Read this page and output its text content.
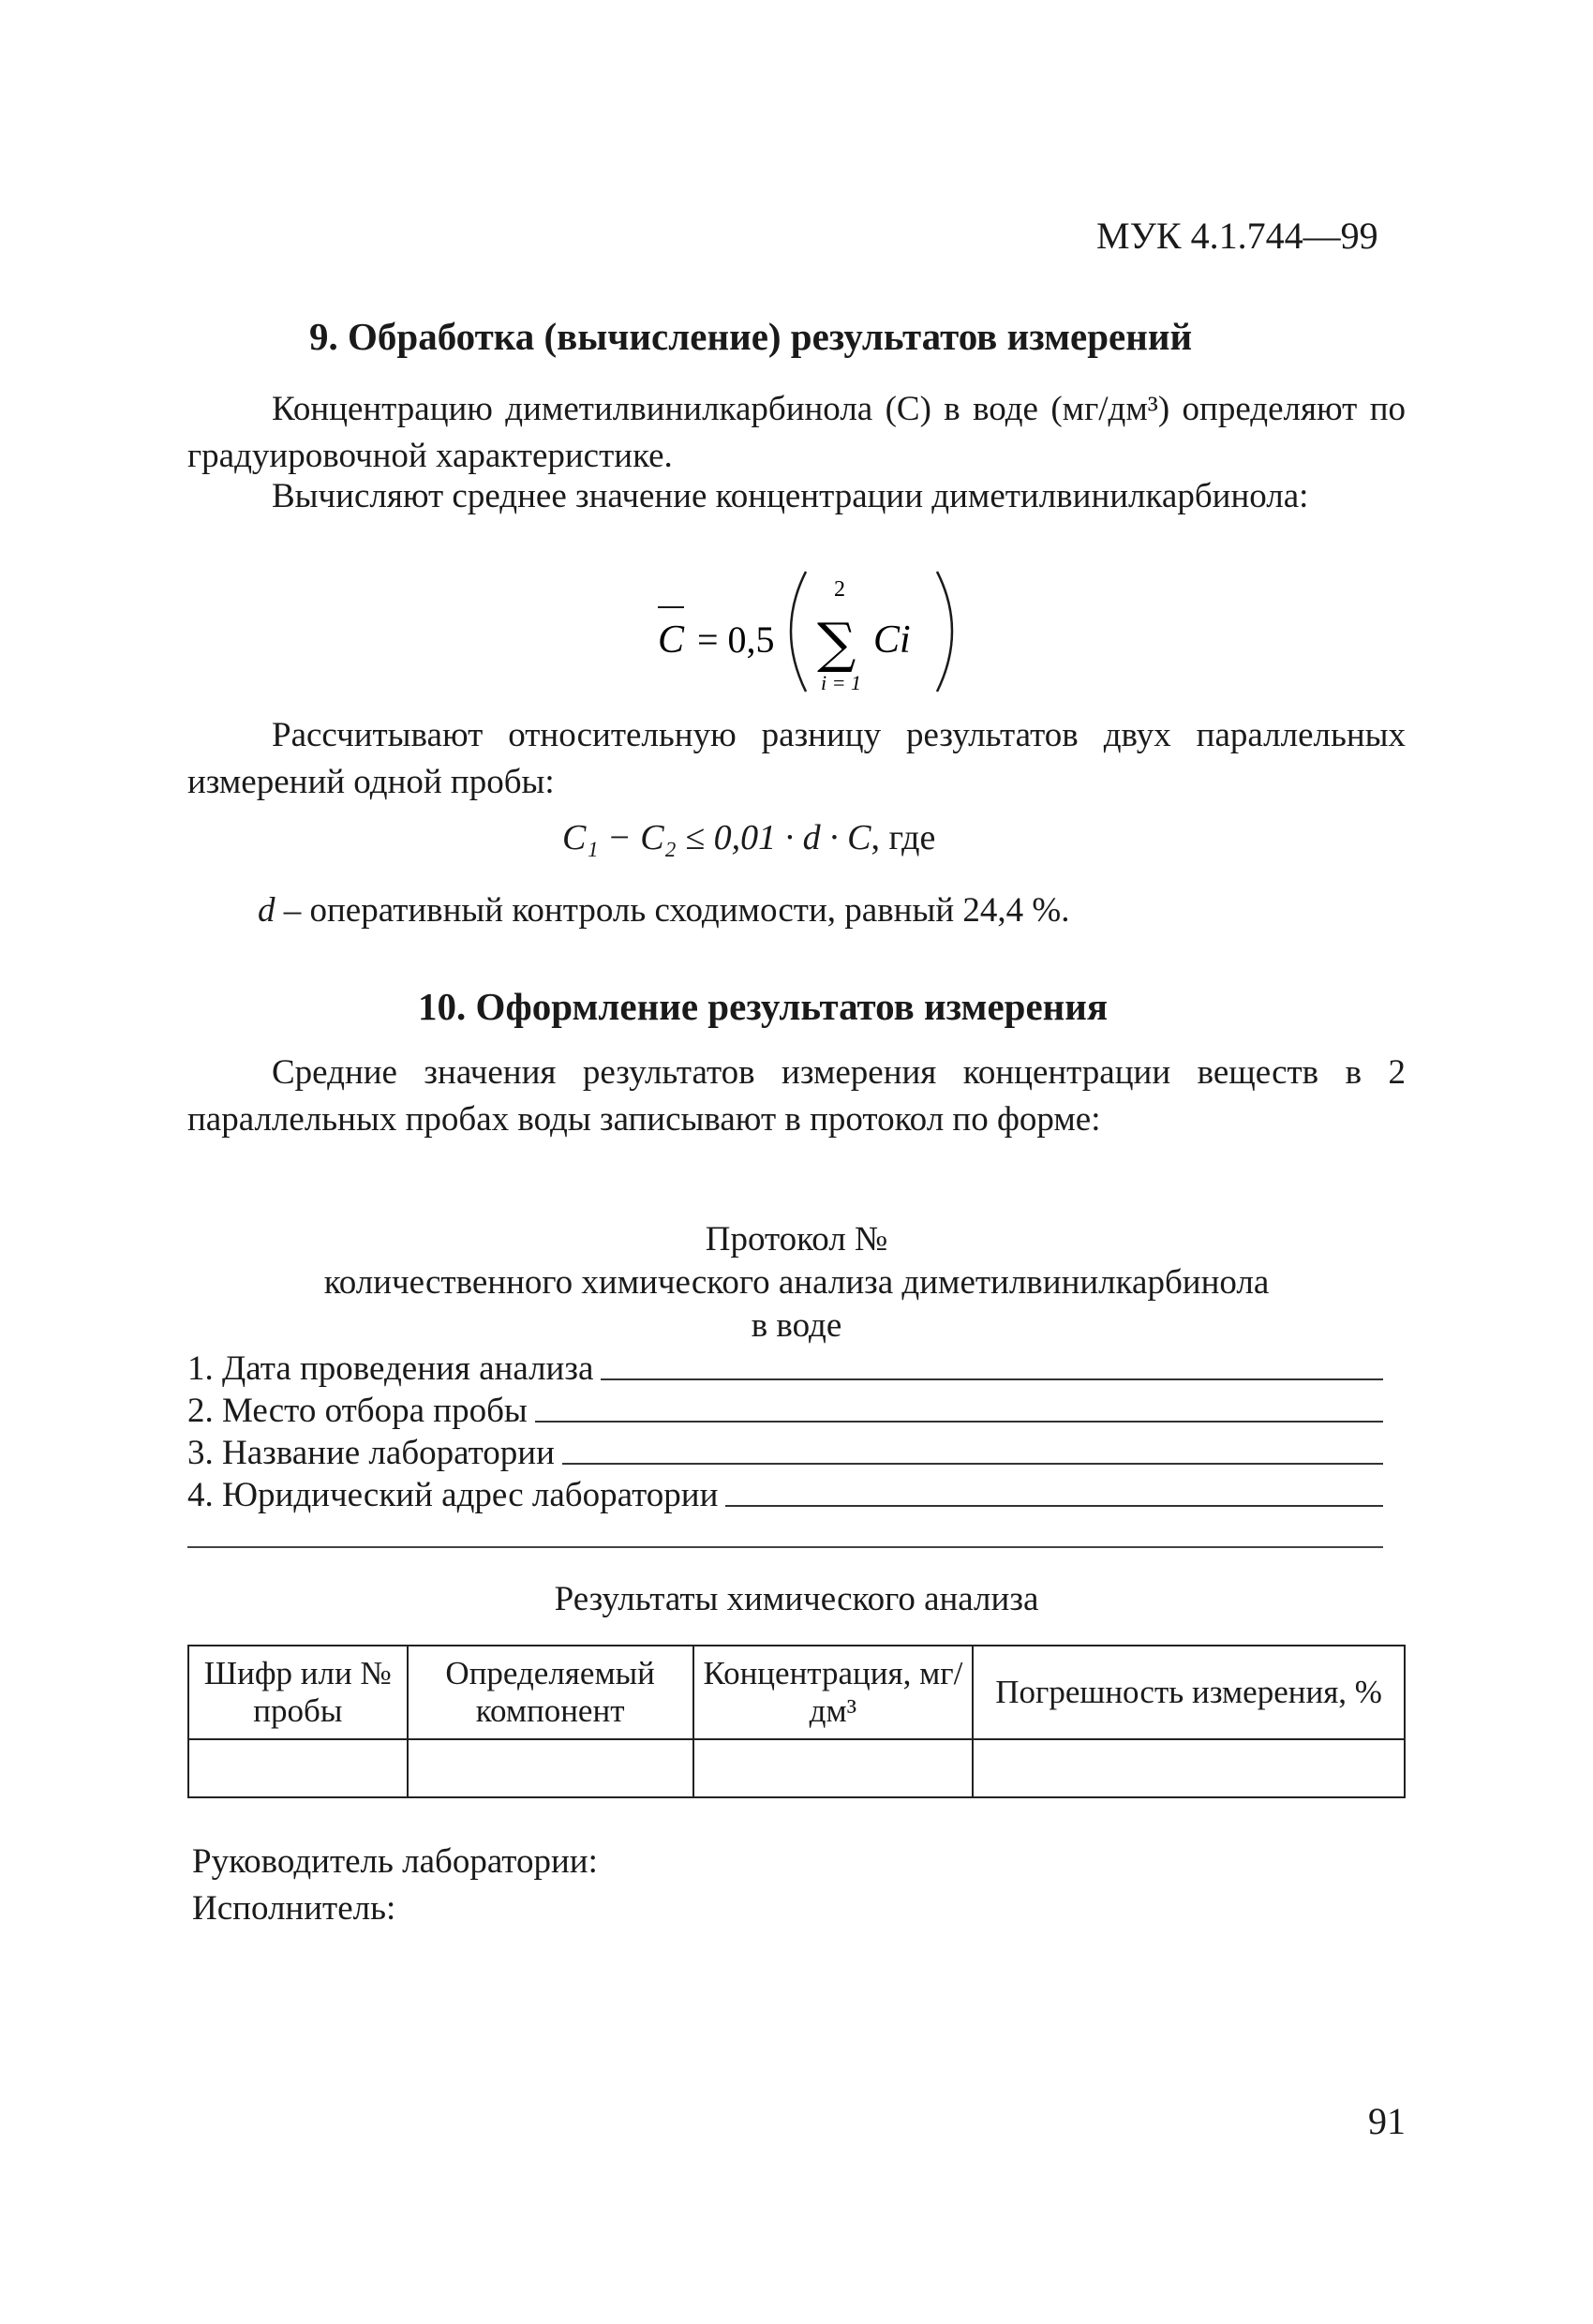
МУК 4.1.744—99
9. Обработка (вычисление) результатов измерений
Концентрацию диметилвинилкарбинола (С) в воде (мг/дм³) определяют по градуировочной характеристике.
Вычисляют среднее значение концентрации диметилвинилкарбинола:
C = 0,5
2
∑
i = 1
Ci
Рассчитывают относительную разницу результатов двух параллельных измерений одной пробы:
C₁ − C₂ ≤ 0,01 · d · C, где
d – оперативный контроль сходимости, равный 24,4 %.
10. Оформление результатов измерения
Средние значения результатов измерения концентрации веществ в 2 параллельных пробах воды записывают в протокол по форме:
Протокол №
количественного химического анализа диметилвинилкарбинола
в воде
1. Дата проведения анализа
2. Место отбора пробы
3. Название лаборатории
4. Юридический адрес лаборатории
Результаты химического анализа
Шифр или № пробы	Определяемый компонент	Концентрация, мг/дм³	Погрешность измерения, %

Руководитель лаборатории:
Исполнитель:
91
